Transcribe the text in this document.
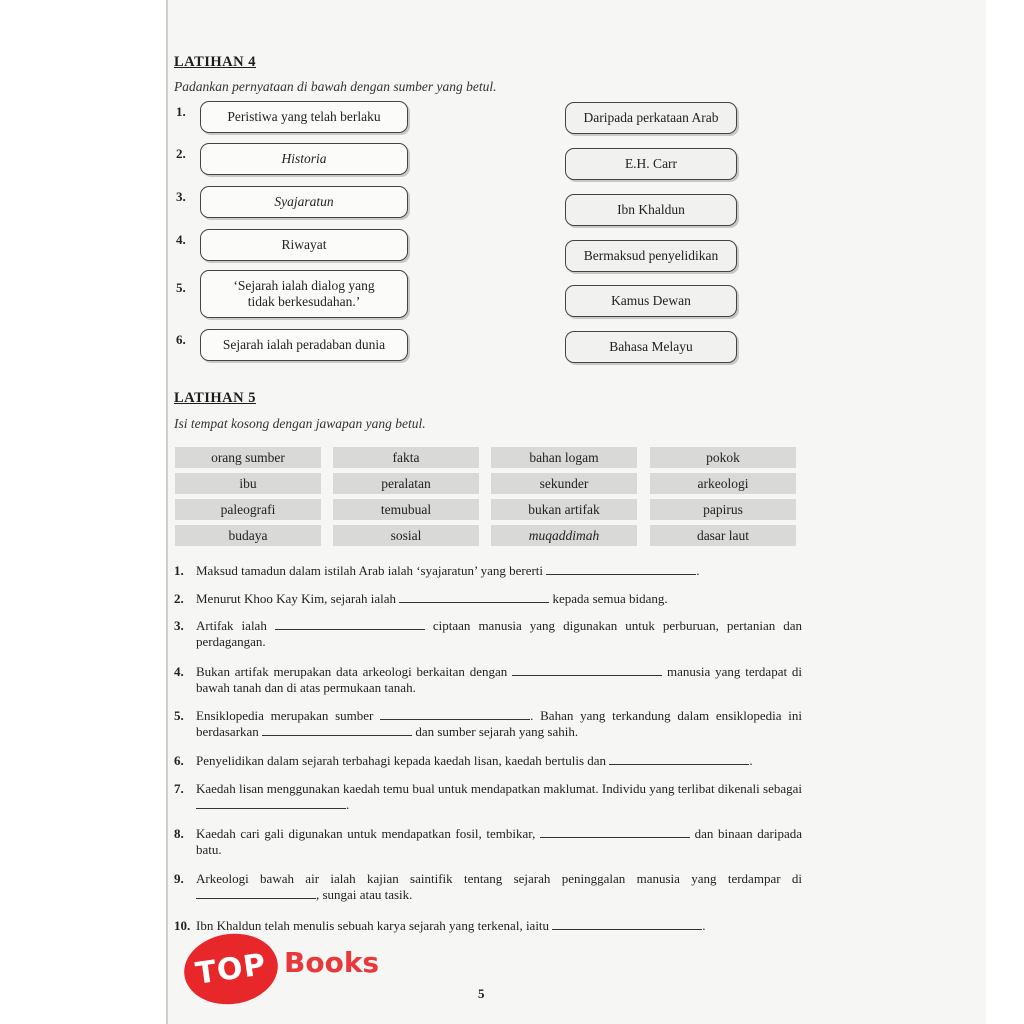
LATIHAN 4
Padankan pernyataan di bawah dengan sumber yang betul.
1.	Peristiwa yang telah berlaku
2.	Historia
3.	Syajaratun
4.	Riwayat
5.	‘Sejarah ialah dialog yang
tidak berkesudahan.’
6.	Sejarah ialah peradaban dunia
Daripada perkataan Arab
E.H. Carr
Ibn Khaldun
Bermaksud penyelidikan
Kamus Dewan
Bahasa Melayu
LATIHAN 5
Isi tempat kosong dengan jawapan yang betul.
orang sumber	fakta	bahan logam	pokok
ibu	peralatan	sekunder	arkeologi
paleografi	temubual	bukan artifak	papirus
budaya	sosial	muqaddimah	dasar laut
1. Maksud tamadun dalam istilah Arab ialah ‘syajaratun’ yang bererti	.
2. Menurut Khoo Kay Kim, sejarah ialah	kepada semua bidang.
3. Artifak ialah	ciptaan manusia yang digunakan untuk perburuan, pertanian dan perdagangan.
4. Bukan artifak merupakan data arkeologi berkaitan dengan	manusia yang terdapat di bawah tanah dan di atas permukaan tanah.
5. Ensiklopedia merupakan sumber	. Bahan yang terkandung dalam ensiklopedia ini berdasarkan	dan sumber sejarah yang sahih.
6. Penyelidikan dalam sejarah terbahagi kepada kaedah lisan, kaedah bertulis dan	.
7. Kaedah lisan menggunakan kaedah temu bual untuk mendapatkan maklumat. Individu yang terlibat dikenali sebagai .
8. Kaedah cari gali digunakan untuk mendapatkan fosil, tembikar,	dan binaan daripada batu.
9. Arkeologi bawah air ialah kajian saintifik tentang sejarah peninggalan manusia yang terdampar di , sungai atau tasik.
10. Ibn Khaldun telah menulis sebuah karya sejarah yang terkenal, iaitu	.
TOP Books
5
